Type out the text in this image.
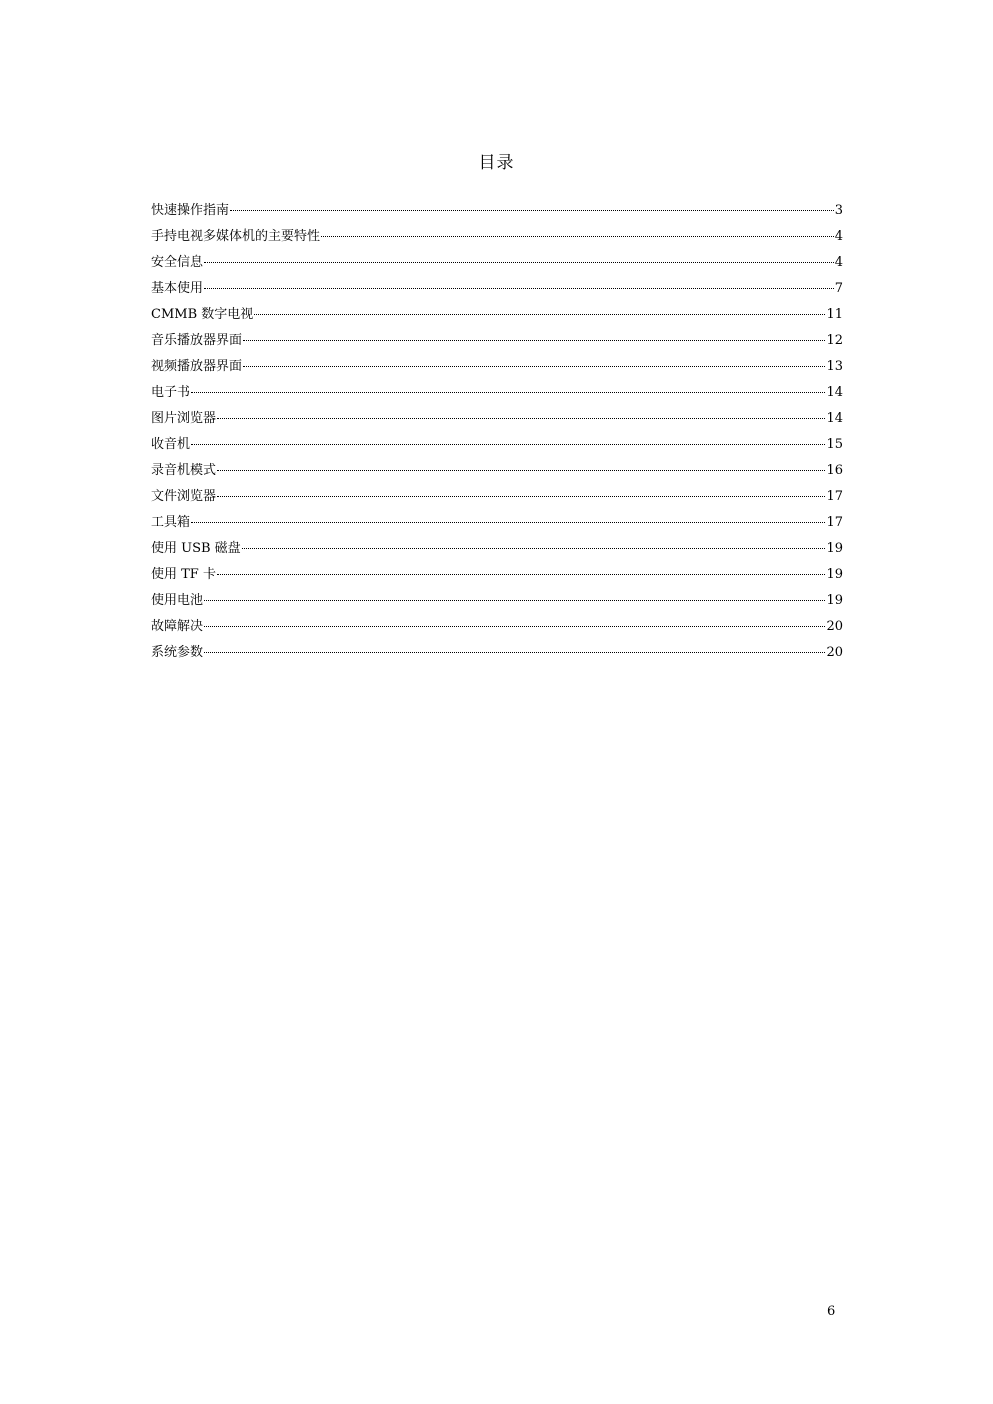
目录
快速操作指南	3
手持电视多媒体机的主要特性	4
安全信息	4
基本使用	7
CMMB 数字电视	11
音乐播放器界面	12
视频播放器界面	13
电子书	14
图片浏览器	14
收音机	15
录音机模式	16
文件浏览器	17
工具箱	17
使用 USB 磁盘	19
使用 TF 卡	19
使用电池	19
故障解决	20
系统参数	20
6
